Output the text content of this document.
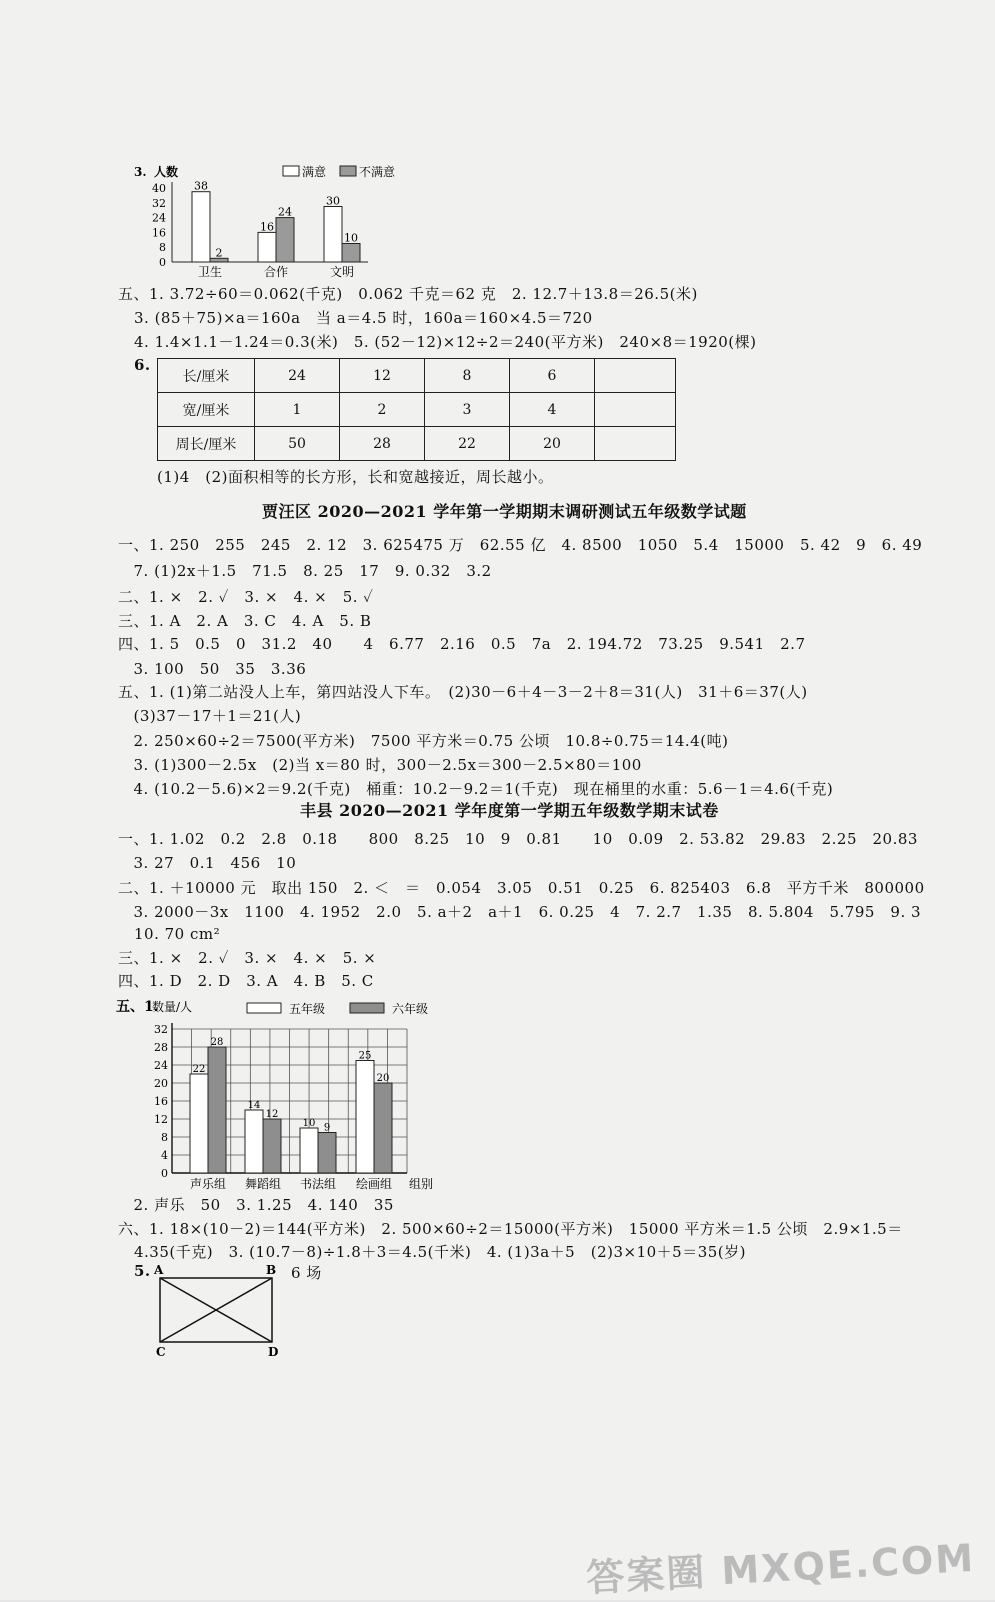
3. 人数
40
32
24
16
8
0
38
2
16
24
30
10
卫生	合作	文明
满意	不满意
五、1. 3.72÷60＝0.062(千克)　0.062 千克＝62 克　2. 12.7＋13.8＝26.5(米)
3. (85＋75)×a＝160a　当 a＝4.5 时，160a＝160×4.5＝720
4. 1.4×1.1－1.24＝0.3(米)　5. (52－12)×12÷2＝240(平方米)　240×8＝1920(棵)
6.
长/厘米	24	12	8	6	
宽/厘米	1	2	3	4	
周长/厘米	50	28	22	20	
(1)4　(2)面积相等的长方形，长和宽越接近，周长越小。
贾汪区 2020—2021 学年第一学期期末调研测试五年级数学试题
一、1. 250　255　245　2. 12　3. 625475 万　62.55 亿　4. 8500　1050　5.4　15000　5. 42　9　6. 49
　7. (1)2x＋1.5　71.5　8. 25　17　9. 0.32　3.2
二、1. ×　2. ✓　3. ×　4. ×　5. ✓
三、1. A　2. A　3. C　4. A　5. B
四、1. 5　0.5　0　31.2　40　　4　6.77　2.16　0.5　7a　2. 194.72　73.25　9.541　2.7
　3. 100　50　35　3.36
五、1. (1)第二站没人上车，第四站没人下车。　(2)30－6＋4－3－2＋8＝31(人)　31＋6＝37(人)
　(3)37－17＋1＝21(人)
　2. 250×60÷2＝7500(平方米)　7500 平方米＝0.75 公顷　10.8÷0.75＝14.4(吨)
　3. (1)300－2.5x　(2)当 x＝80 时，300－2.5x＝300－2.5×80＝100
　4. (10.2－5.6)×2＝9.2(千克)　桶重：10.2－9.2＝1(千克)　现在桶里的水重：5.6－1＝4.6(千克)
丰县 2020—2021 学年度第一学期五年级数学期末试卷
一、1. 1.02　0.2　2.8　0.18　　800　8.25　10　9　0.81　　10　0.09　2. 53.82　29.83　2.25　20.83
　3. 27　0.1　456　10
二、1. ＋10000 元　取出 150　2. ＜　＝　0.054　3.05　0.51　0.25　6. 825403　6.8　平方千米　800000
　3. 2000－3x　1100　4. 1952　2.0　5. a＋2　a＋1　6. 0.25　4　7. 2.7　1.35　8. 5.804　5.795　9. 3
10. 70 cm²
三、1. ×　2. ✓　3. ×　4. ×　5. ×
四、1. D　2. D　3. A　4. B　5. C
五、1.
数量/人
32
28
24
20
16
12
8
4
0
22
28
14
12
10 9
25
20
声乐组 舞蹈组 书法组 绘画组 组别
五年级	六年级
　2. 声乐　50　3. 1.25　4. 140　35
六、1. 18×(10－2)＝144(平方米)　2. 500×60÷2＝15000(平方米)　15000 平方米＝1.5 公顷　2.9×1.5＝
4.35(千克)　3. (10.7－8)÷1.8＋3＝4.5(千米)　4. (1)3a＋5　(2)3×10＋5＝35(岁)
5.	6 场
A	B
C	D
答案圈 MXQE.COM
